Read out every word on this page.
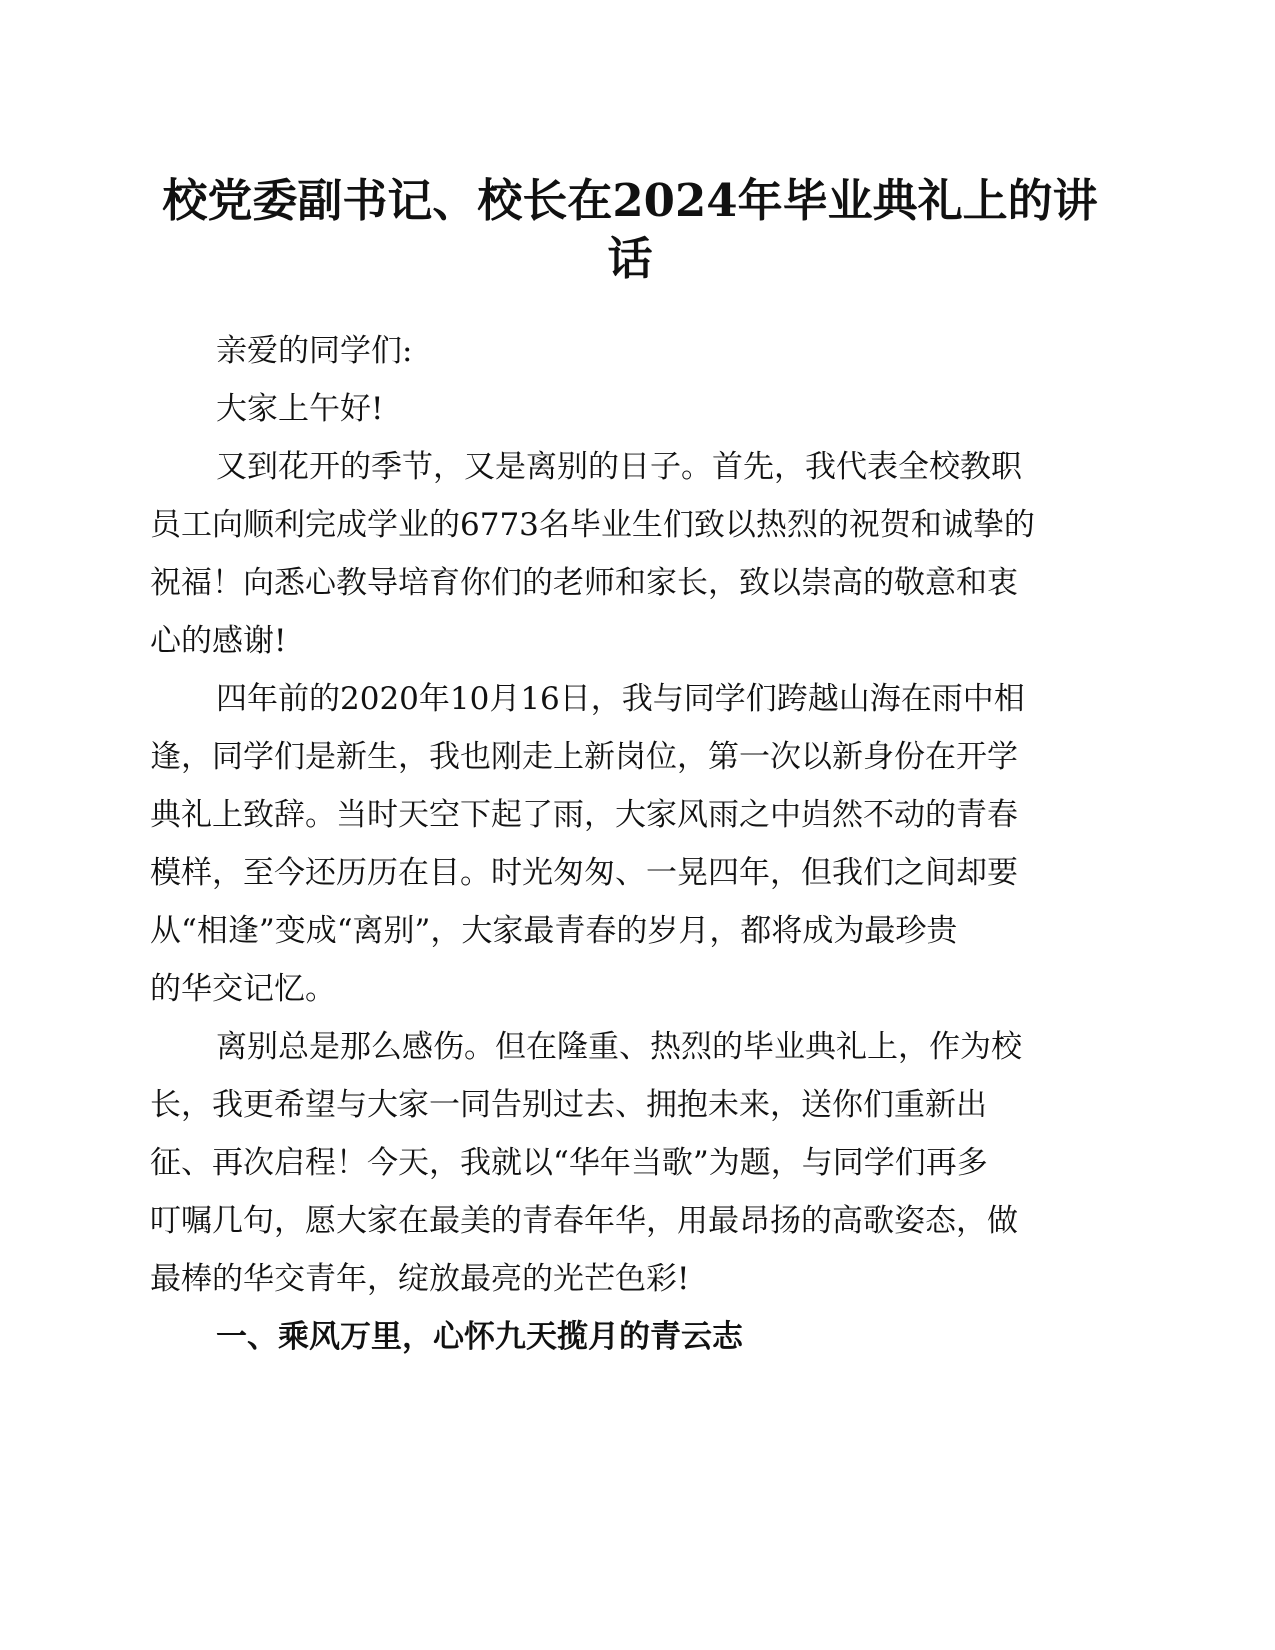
校党委副书记、校长在2024年毕业典礼上的讲
话
亲爱的同学们:
大家上午好!
又到花开的季节，又是离别的日子。首先，我代表全校教职
员工向顺利完成学业的6773名毕业生们致以热烈的祝贺和诚挚的
祝福！向悉心教导培育你们的老师和家长，致以崇高的敬意和衷
心的感谢!
四年前的2020年10月16日，我与同学们跨越山海在雨中相
逢，同学们是新生，我也刚走上新岗位，第一次以新身份在开学
典礼上致辞。当时天空下起了雨，大家风雨之中岿然不动的青春
模样，至今还历历在目。时光匆匆、一晃四年，但我们之间却要
从“相逢”变成“离别”，大家最青春的岁月，都将成为最珍贵
的华交记忆。
离别总是那么感伤。但在隆重、热烈的毕业典礼上，作为校
长，我更希望与大家一同告别过去、拥抱未来，送你们重新出
征、再次启程！今天，我就以“华年当歌”为题，与同学们再多
叮嘱几句，愿大家在最美的青春年华，用最昂扬的高歌姿态，做
最棒的华交青年，绽放最亮的光芒色彩!
一、乘风万里，心怀九天揽月的青云志
